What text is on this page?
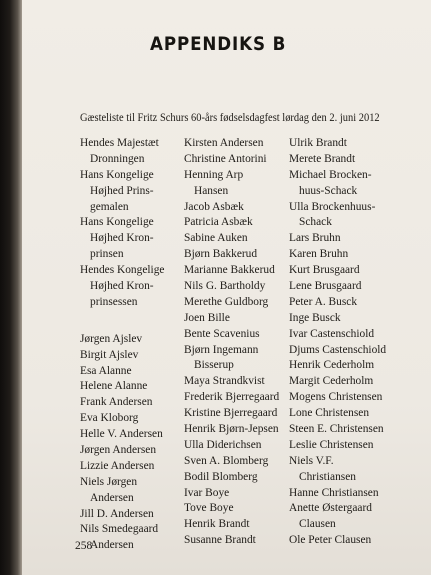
APPENDIKS B
Gæsteliste til Fritz Schurs 60-års fødselsdagfest lørdag den 2. juni 2012
Hendes Majestæt
Dronningen
Hans Kongelige
Højhed Prins-
gemalen
Hans Kongelige
Højhed Kron-
prinsen
Hendes Kongelige
Højhed Kron-
prinsessen
Jørgen Ajslev
Birgit Ajslev
Esa Alanne
Helene Alanne
Frank Andersen
Eva Kloborg
Helle V. Andersen
Jørgen Andersen
Lizzie Andersen
Niels Jørgen
Andersen
Jill D. Andersen
Nils Smedegaard
Andersen
Kirsten Andersen
Christine Antorini
Henning Arp
Hansen
Jacob Asbæk
Patricia Asbæk
Sabine Auken
Bjørn Bakkerud
Marianne Bakkerud
Nils G. Bartholdy
Merethe Guldborg
Joen Bille
Bente Scavenius
Bjørn Ingemann
Bisserup
Maya Strandkvist
Frederik Bjerregaard
Kristine Bjerregaard
Henrik Bjørn-Jepsen
Ulla Diderichsen
Sven A. Blomberg
Bodil Blomberg
Ivar Boye
Tove Boye
Henrik Brandt
Susanne Brandt
Ulrik Brandt
Merete Brandt
Michael Brocken-
huus-Schack
Ulla Brockenhuus-
Schack
Lars Bruhn
Karen Bruhn
Kurt Brusgaard
Lene Brusgaard
Peter A. Busck
Inge Busck
Ivar Castenschiold
Djums Castenschiold
Henrik Cederholm
Margit Cederholm
Mogens Christensen
Lone Christensen
Steen E. Christensen
Leslie Christensen
Niels V.F.
Christiansen
Hanne Christiansen
Anette Østergaard
Clausen
Ole Peter Clausen
258
